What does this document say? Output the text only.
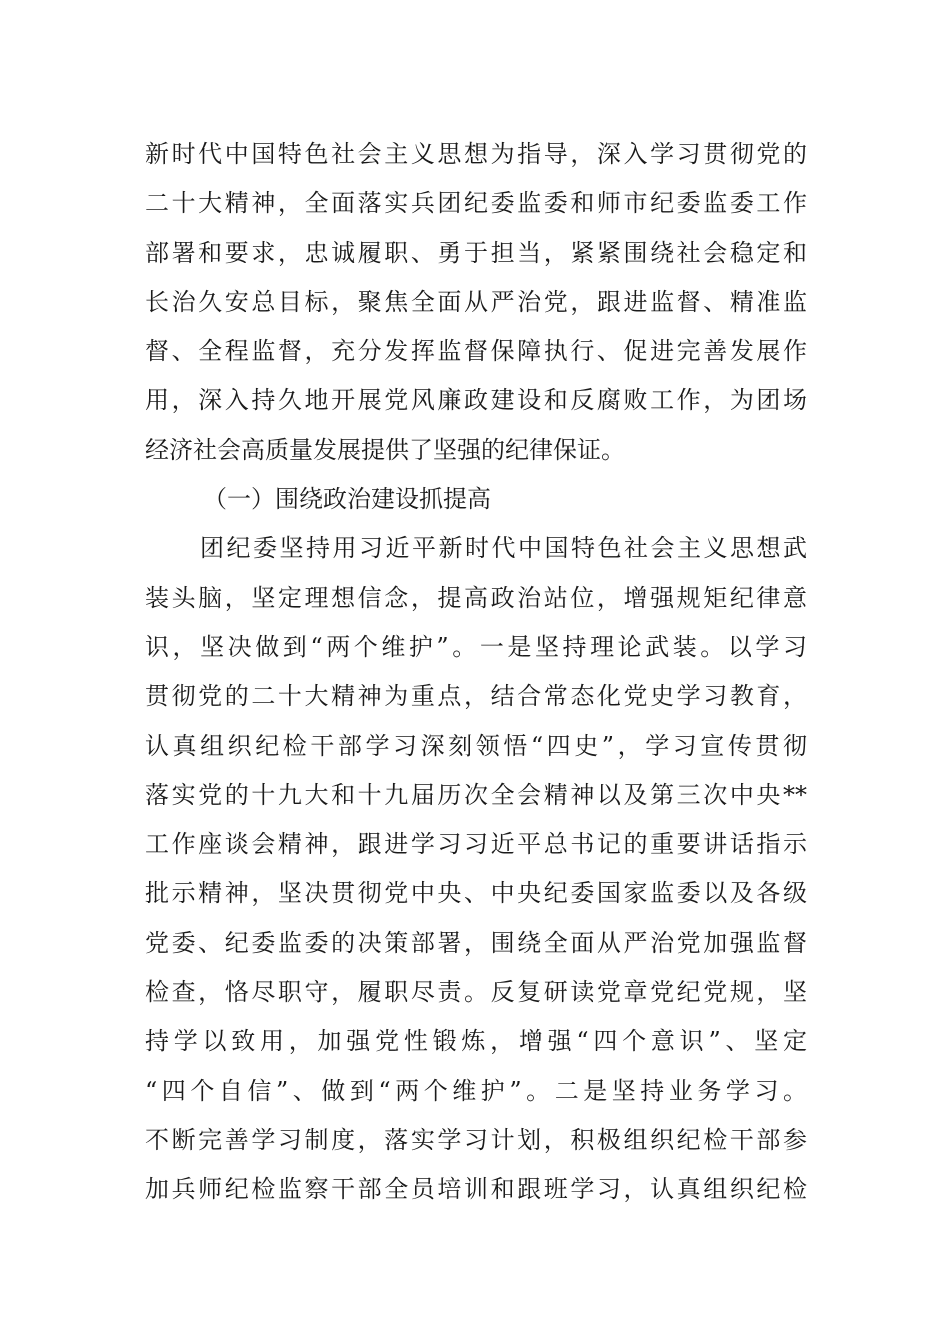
新时代中国特色社会主义思想为指导，深入学习贯彻党的
二十大精神，全面落实兵团纪委监委和师市纪委监委工作
部署和要求，忠诚履职、勇于担当，紧紧围绕社会稳定和
长治久安总目标，聚焦全面从严治党，跟进监督、精准监
督、全程监督，充分发挥监督保障执行、促进完善发展作
用，深入持久地开展党风廉政建设和反腐败工作，为团场
经济社会高质量发展提供了坚强的纪律保证。
（一）围绕政治建设抓提高
团纪委坚持用习近平新时代中国特色社会主义思想武
装头脑，坚定理想信念，提高政治站位，增强规矩纪律意
识，坚决做到“两个维护”。一是坚持理论武装。以学习
贯彻党的二十大精神为重点，结合常态化党史学习教育，
认真组织纪检干部学习深刻领悟“四史”，学习宣传贯彻
落实党的十九大和十九届历次全会精神以及第三次中央**
工作座谈会精神，跟进学习习近平总书记的重要讲话指示
批示精神，坚决贯彻党中央、中央纪委国家监委以及各级
党委、纪委监委的决策部署，围绕全面从严治党加强监督
检查，恪尽职守，履职尽责。反复研读党章党纪党规，坚
持学以致用，加强党性锻炼，增强“四个意识”、坚定
“四个自信”、做到“两个维护”。二是坚持业务学习。
不断完善学习制度，落实学习计划，积极组织纪检干部参
加兵师纪检监察干部全员培训和跟班学习，认真组织纪检
